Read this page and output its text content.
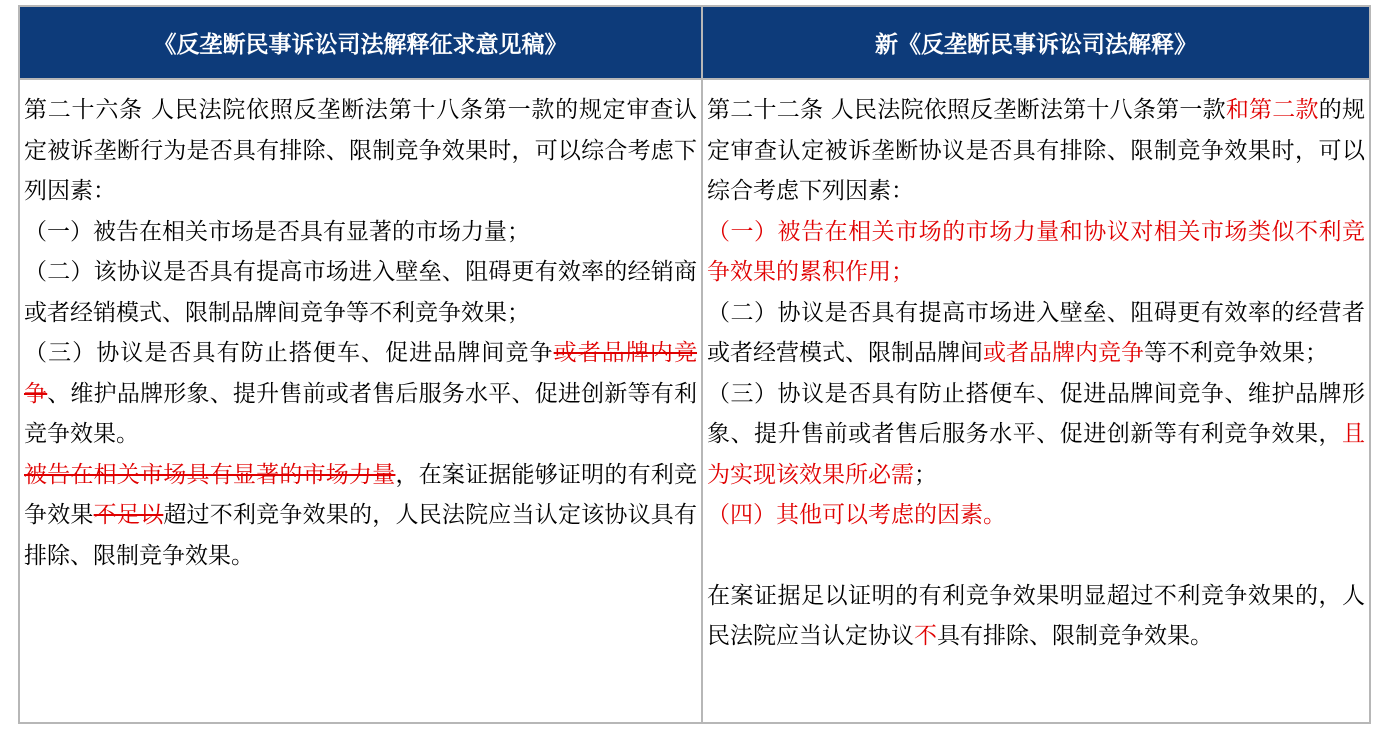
《反垄断民事诉讼司法解释征求意见稿》	新《反垄断民事诉讼司法解释》

第二十六条 人民法院依照反垄断法第十八条第一款的规定审查认定被诉垄断行为是否具有排除、限制竞争效果时，可以综合考虑下列因素：

（一）被告在相关市场是否具有显著的市场力量；

（二）该协议是否具有提高市场进入壁垒、阻碍更有效率的经销商或者经销模式、限制品牌间竞争等不利竞争效果；

（三）协议是否具有防止搭便车、促进品牌间竞争或者品牌内竞争、维护品牌形象、提升售前或者售后服务水平、促进创新等有利竞争效果。

被告在相关市场具有显著的市场力量，在案证据能够证明的有利竞争效果不足以超过不利竞争效果的，人民法院应当认定该协议具有排除、限制竞争效果。

第二十二条 人民法院依照反垄断法第十八条第一款和第二款的规定审查认定被诉垄断协议是否具有排除、限制竞争效果时，可以综合考虑下列因素：

（一）被告在相关市场的市场力量和协议对相关市场类似不利竞争效果的累积作用；

（二）协议是否具有提高市场进入壁垒、阻碍更有效率的经营者或者经营模式、限制品牌间或者品牌内竞争等不利竞争效果；

（三）协议是否具有防止搭便车、促进品牌间竞争、维护品牌形象、提升售前或者售后服务水平、促进创新等有利竞争效果，且为实现该效果所必需；

（四）其他可以考虑的因素。

在案证据足以证明的有利竞争效果明显超过不利竞争效果的，人民法院应当认定协议不具有排除、限制竞争效果。
